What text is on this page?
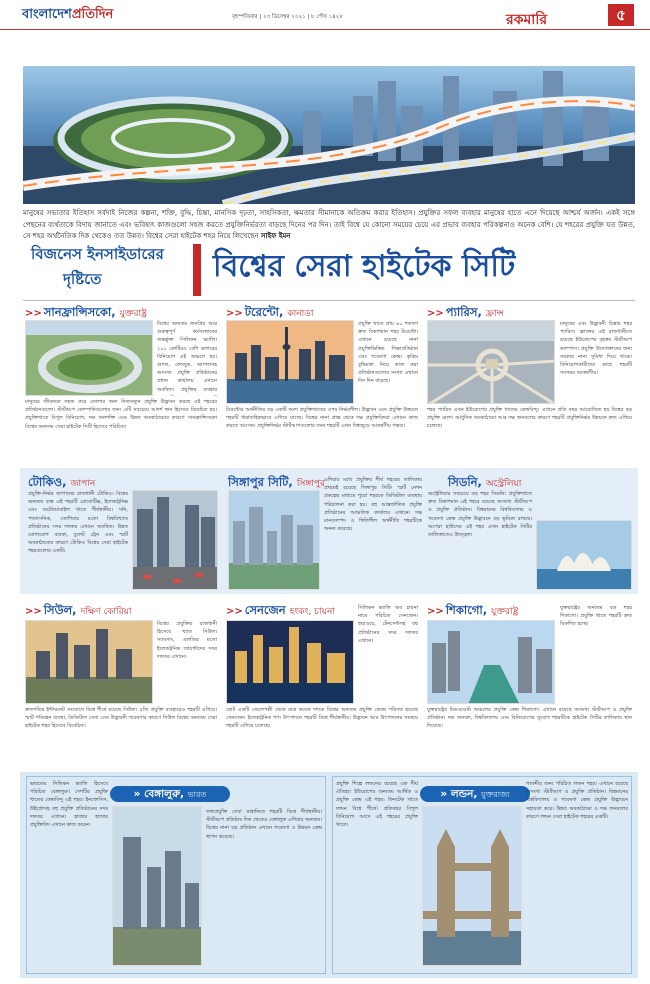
বাংলাদেশপ্রতিদিন	বৃহস্পতিবার | ২৩ ডিসেম্বর ২০২১ | ৮ পৌষ ১৪২৮	রকমারি	৫
মানুষের সভ্যতার ইতিহাস সর্বদাই নিজের কল্পনা, শক্তি, বুদ্ধি, চিন্তা, মানসিক দৃঢ়তা, সাহসিকতা, ক্ষমতার সীমানাকে অতিক্রম করার ইতিহাস। প্রযুক্তির সফল ব্যবহার মানুষের হাতে এনে দিয়েছে আশ্চর্য অর্জন। একই সঙ্গে পেছনের ব্যর্থতাকে বিদায় জানাতে এবং ভবিষ্যৎ কাজগুলো সহজ করতে প্রযুক্তিনির্ভরতা বাড়ছে দিনের পর দিন। তাই বিশ্বে যে কোনো সময়ের চেয়ে এর প্রভাব ব্যবহার পরিকল্পনাও অনেক বেশি। যে শহরের প্রযুক্তি যত উন্নত, সে শহর অর্থনৈতিক দিক থেকেও তত উন্নত। বিশ্বের সেরা হাইটেক শহর নিয়ে লিখেছেন সাইফ ইমন
বিজনেস ইনসাইডারের
দৃষ্টিতে	বিশ্বের সেরা হাইটেক সিটি
>> সানফ্রান্সিসকো, যুক্তরাষ্ট্র
বিশ্বের অন্যতম জনপ্রিয় আর গুরুত্বপূর্ণ কর্মসংস্থানের অন্তর্ভুক্ত সিলিকন ভ্যালি। ২০১ কোটিরও বেশি ডলারের বিনিয়োগ এই অঞ্চলে হয়। গুগল, ফেসবুক, অ্যাপলসহ অসংখ্য প্রযুক্তি প্রতিষ্ঠানের প্রধান কার্যালয় এখানে অবস্থিত। প্রযুক্তির ব্যবহার
মানুষের জীবনকে সহজ করে তোলার জন্য নিত্যনতুন প্রযুক্তি উদ্ভাবন করছে এই শহরের প্রতিষ্ঠানগুলো। স্টার্টআপ কোম্পানিগুলোর জন্য এটি সবচেয়ে আদর্শ স্থান হিসেবে বিবেচিত হয়। প্রযুক্তিখাতে বিপুল বিনিয়োগ, দক্ষ জনশক্তি এবং উন্নত অবকাঠামোর কারণে সানফ্রান্সিসকো বিশ্বের অন্যতম সেরা হাইটেক সিটি হিসেবে পরিচিত।
>> টরেন্টো, কানাডা
প্রযুক্তি খাতে প্রায় ৪০ শতাংশ দ্রুত বিকাশমান শহর টরেন্টো। এখানে রয়েছে নানা প্রযুক্তিভিত্তিক শিক্ষাপ্রতিষ্ঠান এবং গবেষণা কেন্দ্র। কৃত্রিম বুদ্ধিমত্তা নিয়ে কাজ করা প্রতিষ্ঠানগুলোর সংখ্যা এখানে দিন দিন বাড়ছে।
টরেন্টোর অর্থনীতির বড় একটি অংশ প্রযুক্তিখাতের ওপর নির্ভরশীল। উদ্ভাবন এবং প্রযুক্তি উন্নয়নে শহরটি ধারাবাহিকভাবে এগিয়ে যাচ্ছে। বিশ্বের নানা প্রান্ত থেকে দক্ষ প্রযুক্তিবিদরা এখানে কাজ করতে আসেন। প্রযুক্তিনির্ভর স্টার্টআপগুলোর জন্য শহরটি এখন বিশ্বজুড়ে আকর্ষণীয় গন্তব্য।
>> প্যারিস, ফ্রান্স
মানুষের এবং উদ্ভাবনী চিন্তার শহর প্যারিস। ফ্রান্সের এই রাজধানীতে রয়েছে ইউরোপের বৃহত্তম স্টার্টআপ ক্যাম্পাস। প্রযুক্তি উদ্যোক্তাদের জন্য সরকার নানা সুবিধা দিয়ে থাকে। বিনিয়োগকারীদের কাছে শহরটি সবসময় আকর্ষণীয়।
শহর প্যারিস এখন ইউরোপের প্রযুক্তি খাতের কেন্দ্রবিন্দু। এখানে প্রতি বছর আয়োজিত হয় বিশ্বের বড় প্রযুক্তি মেলা। আধুনিক অবকাঠামো আর দক্ষ জনবলের কারণে শহরটি প্রযুক্তিনির্ভর উন্নয়নে দ্রুত এগিয়ে চলেছে।
টোকিও, জাপান
প্রযুক্তি-নির্ভর জাপানের রাজধানী টোকিও। বিশ্বের অন্যতম ব্যস্ত এই শহরটি রোবোটিক্স, ইলেকট্রনিক্স এবং অটোমোবাইল খাতে শীর্ষস্থানীয়। সনি, প্যানাসনিক, তোশিবার মতো বিশ্ববিখ্যাত প্রতিষ্ঠানের সদর দফতর এখানে অবস্থিত। উন্নত যোগাযোগ ব্যবস্থা, বুলেট ট্রেন এবং স্মার্ট অবকাঠামোর কারণে টোকিও বিশ্বের সেরা হাইটেক শহরগুলোর একটি।
সিঙ্গাপুর সিটি, সিঙ্গাপুর এশিয়ার মধ্যে প্রযুক্তির শীর্ষ শহরের তালিকায় প্রথমেই রয়েছে সিঙ্গাপুর সিটি। স্মার্ট নেশন প্রকল্পের মাধ্যমে পুরো শহরকে ডিজিটাল ব্যবস্থায় পরিচালনা করা হয়। বহু আন্তর্জাতিক প্রযুক্তি প্রতিষ্ঠানের আঞ্চলিক কার্যালয় এখানে। দক্ষ মানবসম্পদ ও স্থিতিশীল অর্থনীতি শহরটিকে অনন্য করেছে।
সিডনি, অস্ট্রেলিয়া
অস্ট্রেলিয়ার সবচেয়ে বড় শহর সিডনি। প্রযুক্তিখাতে দ্রুত বিকাশমান এই শহরে রয়েছে অসংখ্য স্টার্টআপ ও প্রযুক্তি প্রতিষ্ঠান। বিশ্বমানের বিশ্ববিদ্যালয় ও গবেষণা কেন্দ্র প্রযুক্তি উদ্ভাবনে বড় ভূমিকা রাখছে। অপেরা হাউসের এই শহর এখন হাইটেক সিটির তালিকাতেও উজ্জ্বল।
>> সিউল, দক্ষিণ কোরিয়া
বিশ্বের প্রযুক্তির রাজধানী হিসেবে খ্যাত সিউল। স্যামসাং, এলজির মতো ইলেকট্রনিক জায়ান্টদের সদর দফতর এখানে।
দ্রুতগতির ইন্টারনেট সংযোগে বিশ্বে শীর্ষে রয়েছে সিউল। ৫জি প্রযুক্তি ব্যবহারেও শহরটি এগিয়ে। স্মার্ট পরিবহন ব্যবস্থা, ডিজিটাল সেবা এবং উদ্ভাবনী গবেষণার কারণে সিউল বিশ্বের অন্যতম সেরা হাইটেক শহর হিসেবে বিবেচিত।
>> সেনজেন হংকং, চায়না	সিলিকন ভ্যালি অব চায়না নামে পরিচিত সেনজেন। হুয়াওয়ে, টেনসেন্টসহ বহু প্রতিষ্ঠানের সদর দফতর এখানে।
ছোট একটি জেলেপল্লী থেকে মাত্র কয়েক দশকে বিশ্বের অন্যতম প্রযুক্তি কেন্দ্রে পরিণত হয়েছে সেনজেন। ইলেকট্রনিক পণ্য উৎপাদনে শহরটি বিশ্বে শীর্ষস্থানীয়। উদ্ভাবন আর উৎপাদনের সমন্বয়ে শহরটি এগিয়ে চলেছে।
>> শিকাগো, যুক্তরাষ্ট্র	যুক্তরাষ্ট্রের অন্যতম বড় শহর শিকাগো। প্রযুক্তি খাতে শহরটি দ্রুত বিকশিত হচ্ছে।
যুক্তরাষ্ট্রের মিডওয়েস্ট অঞ্চলের প্রযুক্তি কেন্দ্র শিকাগো। এখানে রয়েছে অসংখ্য স্টার্টআপ ও প্রযুক্তি প্রতিষ্ঠান। দক্ষ জনবল, বিশ্ববিদ্যালয় এবং বিনিয়োগের সুযোগ শহরটিকে হাইটেক সিটির তালিকায় স্থান দিয়েছে।
» বেঙ্গালুরু, ভারত
ভারতের সিলিকন ভ্যালি হিসেবে পরিচিত বেঙ্গালুরু। দেশটির প্রযুক্তি খাতের কেন্দ্রবিন্দু এই শহর। ইনফোসিস, উইপ্রোসহ বহু প্রযুক্তি প্রতিষ্ঠানের সদর দফতর এখানে। হাজার হাজার প্রযুক্তিবিদ এখানে কাজ করেন।
তথ্যপ্রযুক্তি সেবা রপ্তানিতে শহরটি বিশ্বে শীর্ষস্থানীয়। স্টার্টআপ প্রতিষ্ঠার দিক থেকেও বেঙ্গালুরু এশিয়ার অন্যতম। বিশ্বের নানা বড় প্রতিষ্ঠান এখানে গবেষণা ও উন্নয়ন কেন্দ্র স্থাপন করেছে।
» লন্ডন, যুক্তরাজ্য
প্রযুক্তি শিল্পে লন্ডনের রয়েছে এক দীর্ঘ ঐতিহ্য। ইউরোপের অন্যতম আর্থিক ও প্রযুক্তি কেন্দ্র এই শহর। ফিনটেক খাতে লন্ডন বিশ্বে শীর্ষে। প্রতিবছর বিপুল বিনিয়োগ আসে এই শহরের প্রযুক্তি খাতে।
শতাব্দীর জন্য পরিচিত লন্ডন শহর। এখানে রয়েছে অসংখ্য স্টার্টআপ ও প্রযুক্তি প্রতিষ্ঠান। বিশ্বমানের বিশ্ববিদ্যালয় ও গবেষণা কেন্দ্র প্রযুক্তি উদ্ভাবনে সহায়তা করে। উন্নত অবকাঠামো ও দক্ষ জনবলের কারণে লন্ডন সেরা হাইটেক শহরের একটি।
